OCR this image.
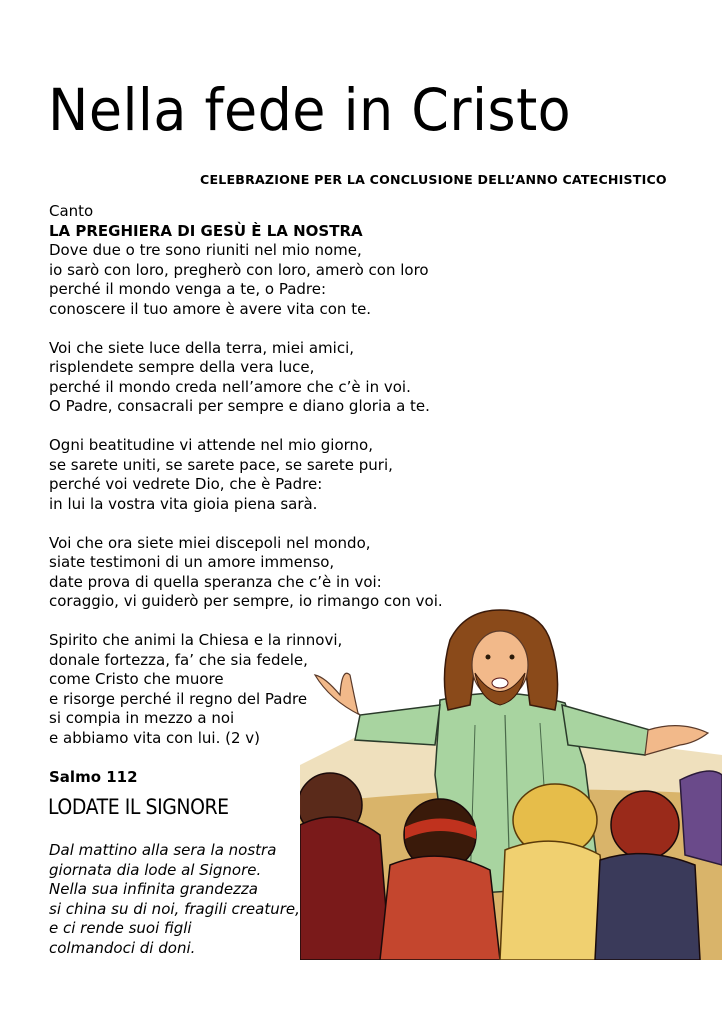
Nella fede in Cristo
CELEBRAZIONE PER LA CONCLUSIONE DELL’ANNO CATECHISTICO
Canto
LA PREGHIERA DI GESÙ È LA NOSTRA
Dove due o tre sono riuniti nel mio nome,
io sarò con loro, pregherò con loro, amerò con loro
perché il mondo venga a te, o Padre:
conoscere il tuo amore è avere vita con te.
Voi che siete luce della terra, miei amici,
risplendete sempre della vera luce,
perché il mondo creda nell’amore che c’è in voi.
O Padre, consacrali per sempre e diano gloria a te.
Ogni beatitudine vi attende nel mio giorno,
se sarete uniti, se sarete pace, se sarete puri,
perché voi vedrete Dio, che è Padre:
in lui la vostra vita gioia piena sarà.
Voi che ora siete miei discepoli nel mondo,
siate testimoni di un amore immenso,
date prova di quella speranza che c’è in voi:
coraggio, vi guiderò per sempre, io rimango con voi.
Spirito che animi la Chiesa e la rinnovi,
donale fortezza, fa’ che sia fedele,
come Cristo che muore
e risorge perché il regno del Padre
si compia in mezzo a noi
e abbiamo vita con lui. (2 v)
Salmo 112
LODATE IL SIGNORE
Dal mattino alla sera la nostra
giornata dia lode al Signore.
Nella sua infinita grandezza
si china su di noi, fragili creature,
e ci rende suoi figli
colmandoci di doni.
